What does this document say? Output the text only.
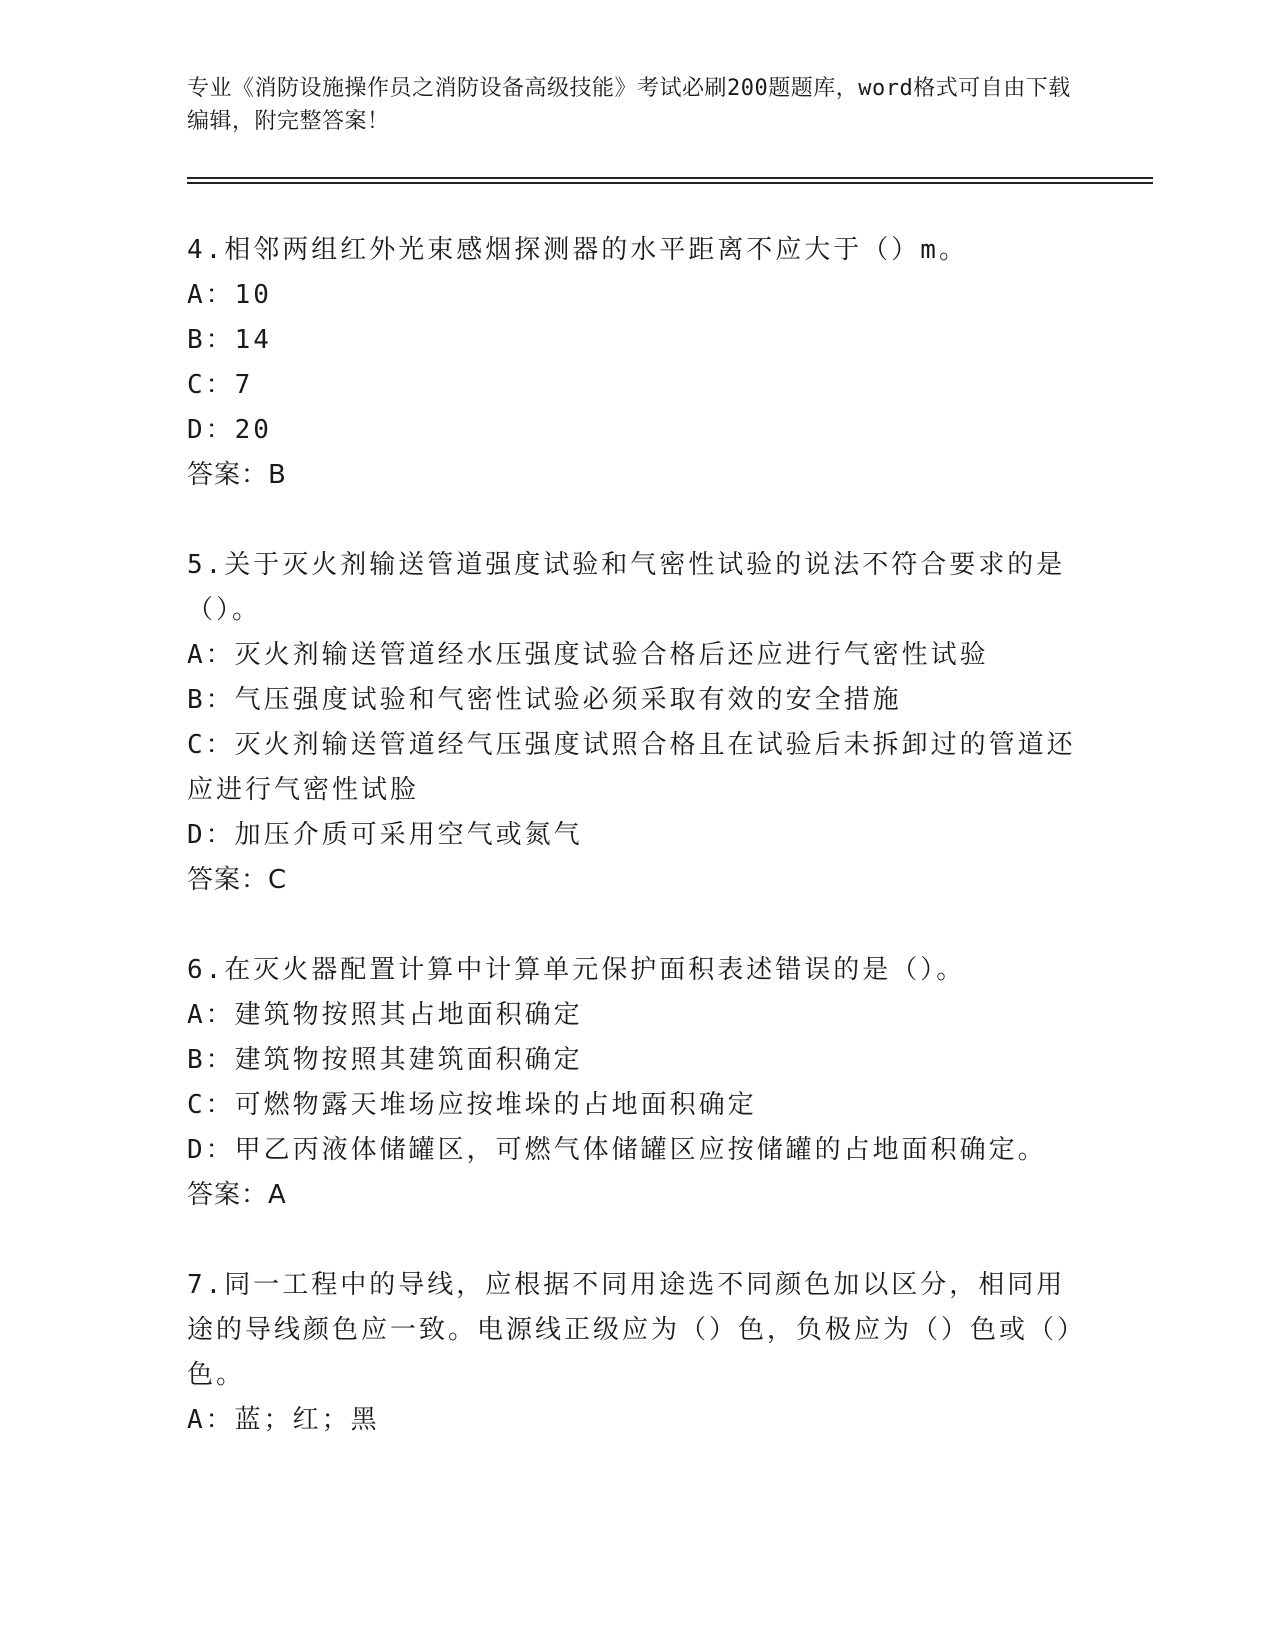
专业《消防设施操作员之消防设备高级技能》考试必刷200题题库，word格式可自由下载编辑，附完整答案！
4.相邻两组红外光束感烟探测器的水平距离不应大于（）m。
A：10
B：14
C：7
D：20
答案：B
5.关于灭火剂输送管道强度试验和气密性试验的说法不符合要求的是（）。
A：灭火剂输送管道经水压强度试验合格后还应进行气密性试验
B：气压强度试验和气密性试验必须采取有效的安全措施
C：灭火剂输送管道经气压强度试照合格且在试验后未拆卸过的管道还应进行气密性试脸
D：加压介质可采用空气或氮气
答案：C
6.在灭火器配置计算中计算单元保护面积表述错误的是（）。
A：建筑物按照其占地面积确定
B：建筑物按照其建筑面积确定
C：可燃物露天堆场应按堆垛的占地面积确定
D：甲乙丙液体储罐区，可燃气体储罐区应按储罐的占地面积确定。
答案：A
7.同一工程中的导线，应根据不同用途选不同颜色加以区分，相同用途的导线颜色应一致。电源线正级应为（）色，负极应为（）色或（）色。
A：蓝；红；黑
